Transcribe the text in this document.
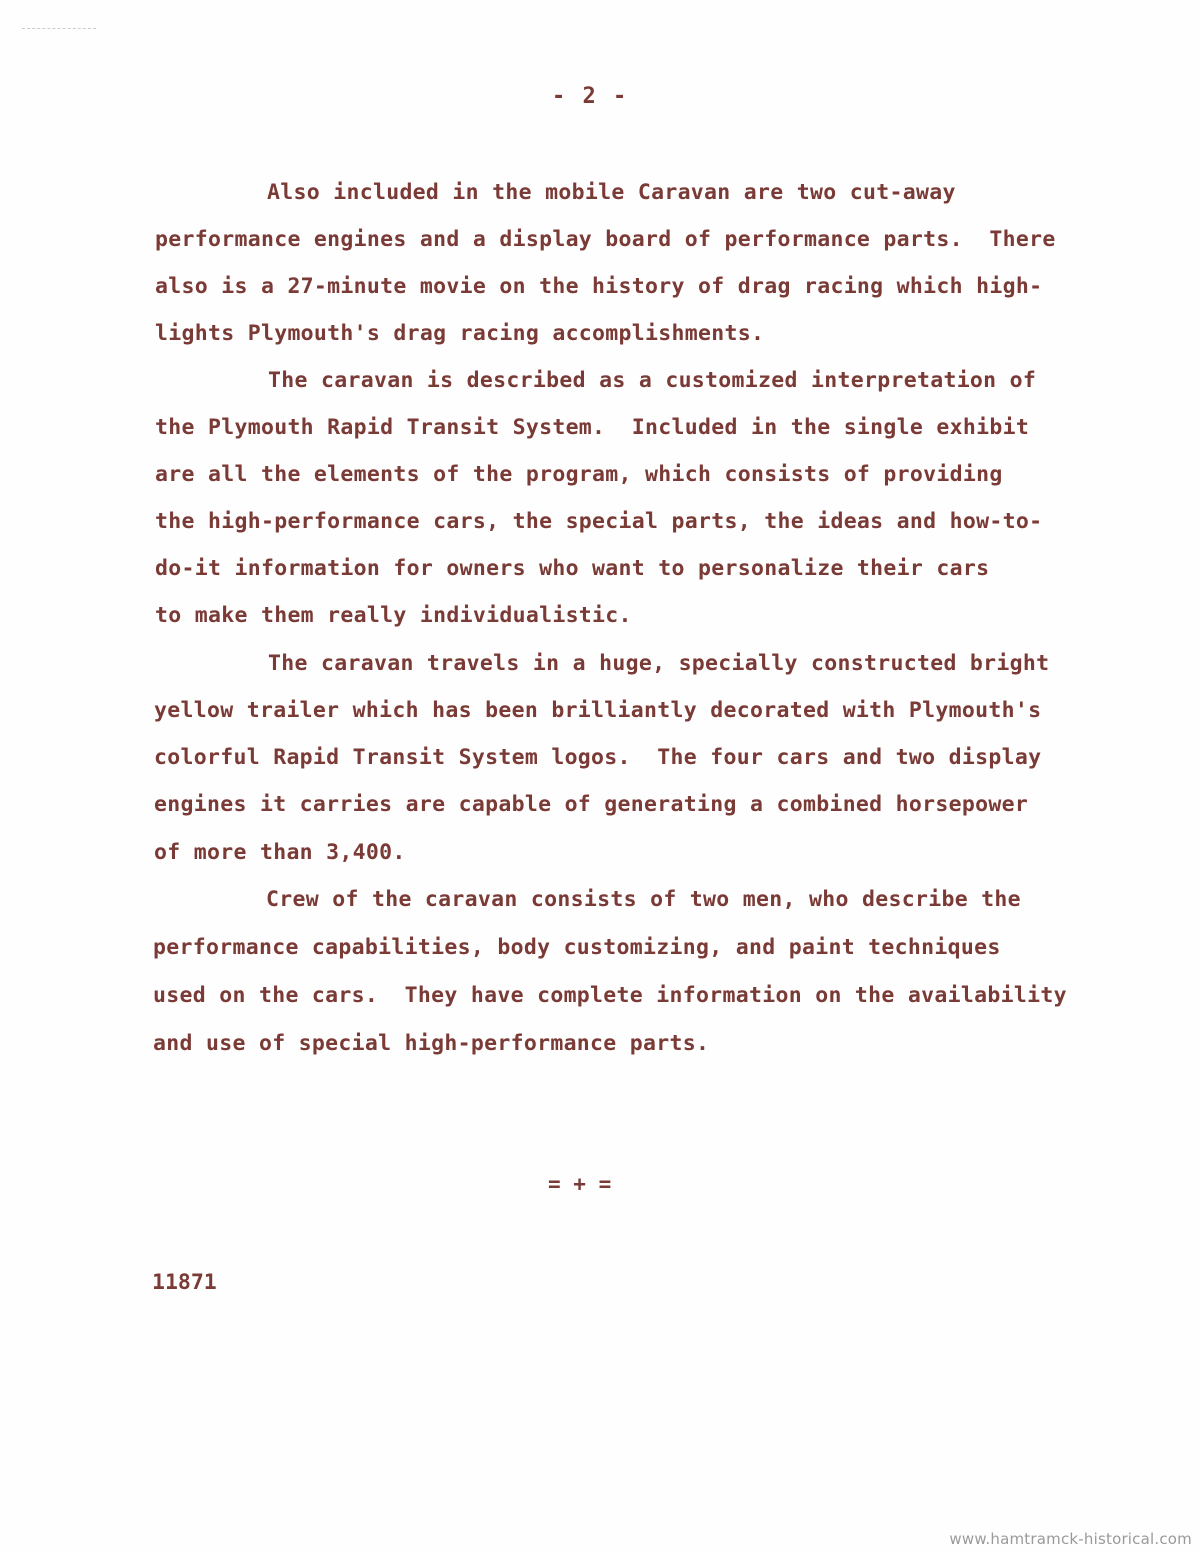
- 2 -
Also included in the mobile Caravan are two cut-away
performance engines and a display board of performance parts.  There
also is a 27-minute movie on the history of drag racing which high-
lights Plymouth's drag racing accomplishments.
The caravan is described as a customized interpretation of
the Plymouth Rapid Transit System.  Included in the single exhibit
are all the elements of the program, which consists of providing
the high-performance cars, the special parts, the ideas and how-to-
do-it information for owners who want to personalize their cars
to make them really individualistic.
The caravan travels in a huge, specially constructed bright
yellow trailer which has been brilliantly decorated with Plymouth's
colorful Rapid Transit System logos.  The four cars and two display
engines it carries are capable of generating a combined horsepower
of more than 3,400.
Crew of the caravan consists of two men, who describe the
performance capabilities, body customizing, and paint techniques
used on the cars.  They have complete information on the availability
and use of special high-performance parts.
= + =
11871
www.hamtramck-historical.com
